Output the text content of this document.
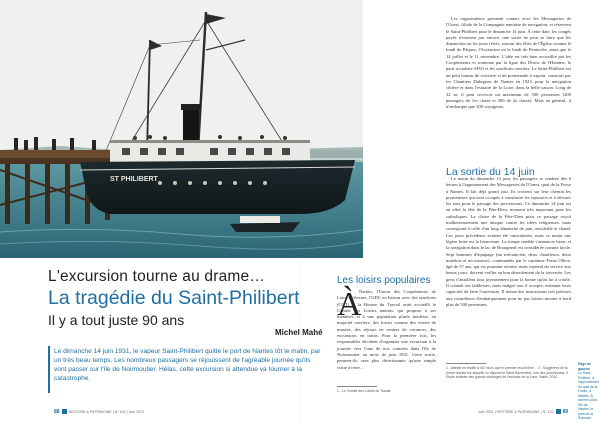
ST PHILIBERT
L'excursion tourne au drame…
La tragédie du Saint-Philibert
Il y a tout juste 90 ans
Michel Mahé
Le dimanche 14 juin 1931, le vapeur Saint-Philibert quitte le port de Nantes tôt le matin, par un très beau temps. Les nombreux passagers se réjouissent de l'agréable journée qu'ils vont passer sur l'île de Noirmoutier. Hélas, cette excursion si attendue va tourner à la catastrophe.
Les loisirs populaires
À
Nantes, l'Union des Coopérateurs de Loire-Inférieure, l'UDC en liaison avec des syndicats (CGT) et la Bourse du Travail avait accueilli le Comité des Loisirs nantais, qui propose à ses membres et à une population plutôt modeste, en majorité ouvrière, des loisirs comme des visites de musées, des séjours en centres de vacances, des excursions en trains. Pour la première fois, les responsables décident d'organiser une excursion à la journée vers l'une de nos contrées dans l'île de Noirmoutier au mois de juin 1931. Cette sortie, pensent-ils, sera plus divertissante qu'une simple visite à terre…
1 - Le Comité des Loisirs du Travail.
Les organisateurs prennent contact avec les Messageries de l'Ouest, filiale de la Compagnie nantaise de navigation, et réservent le Saint-Philibert pour le dimanche 14 juin. À cette date, les congés payés n'existent pas encore, une sortie ne peut se faire que les dimanches ou les jours fériés, surtout des fêtes de l'Église comme le lundi de Pâques, l'Ascension ou le lundi de Pentecôte, ainsi que le 14 juillet et le 11 novembre. L'idée est très bien accueillie par les Coopérateurs et soutenue par la ligue des Droits de l'Homme, le parti socialiste SFIO et les syndicats ouvriers. Le Saint-Philibert est un petit bateau de croisière et de promenade à vapeur, construit par les Chantiers Dubigeon de Nantes en 1923, pour la navigation côtière et dans l'estuaire de la Loire, dans la belle saison. Long de 32 m, il peut recevoir un maximum de 500 personnes (200 passagers de 1re classe et 300 de 2e classe). Mais en général, il n'embarque que 300 voyageurs.
La sortie du 14 juin
Le matin du dimanche 14 juin, les passagers se rendent dès 6 heures à l'appontement des Messageries de l'Ouest, quai de la Fosse à Nantes. Il fait déjà grand jour. Ils croisent sur leur chemin les promeneurs qui sont occupés à construire les reposoirs et à décorer les rues pour le passage des processions. Ce dimanche 14 juin est en effet la fête de la Fête-Dieu, moment très important pour les catholiques. La classe de la Fête-Dieu pour ce passage reçoit malheureusement une attaque contre les idées religieuses, mais correspond à celle d'un long dimanche de juin, ensoleillé et chaud. Les jours précédents avaient été caniculaires, mais ce matin une légère brise est la bienvenue. La troupe semble s'annoncer beau, et la navigation dans le lac de Bourgneuf est considérée comme facile. Sept hommes d'équipage (un mécanicien, deux chauffeurs, deux matelots et un mousse), commandés par le capitaine Franz Ollive, âgé de 57 ans, qui est pourtant retraité, mais reprend du service aux beaux jours, doivent veiller au bon déroulement de la traversée. Les gens s'installent tous joyeusement pour la bonne qu'on lui a confié. Il connaît ses faiblesses, mais malgré tout il accepte, estimant leurs capacités de faire l'ouverture. Il donne des instructions très précises aux contrôleurs d'embarquement pour ne pas laisser monter à bord plus de 500 personnes.
1 - Attesté en réalité à 467 alors que le premier recueil fixe… 2 - Suggérées de la forme réduite sur laquelle on dispose le Saint-Sacrement, lors des processions. 3 - Étude réalisée des grands naufrages de l'estuaire de la Loire, Naitis, 2010.
Page de gauche
Le Saint-Philibert, à l'appontement du quai de la Fosse, à Nantes. À l'arrière-plan, l'île de Nantes, le pont de la Rotonde.
88	HISTOIRE & PATRIMOINE | N° 102 | Juin 2021	Juin 2021 | HISTOIRE & PATRIMOINE | N° 102 89
